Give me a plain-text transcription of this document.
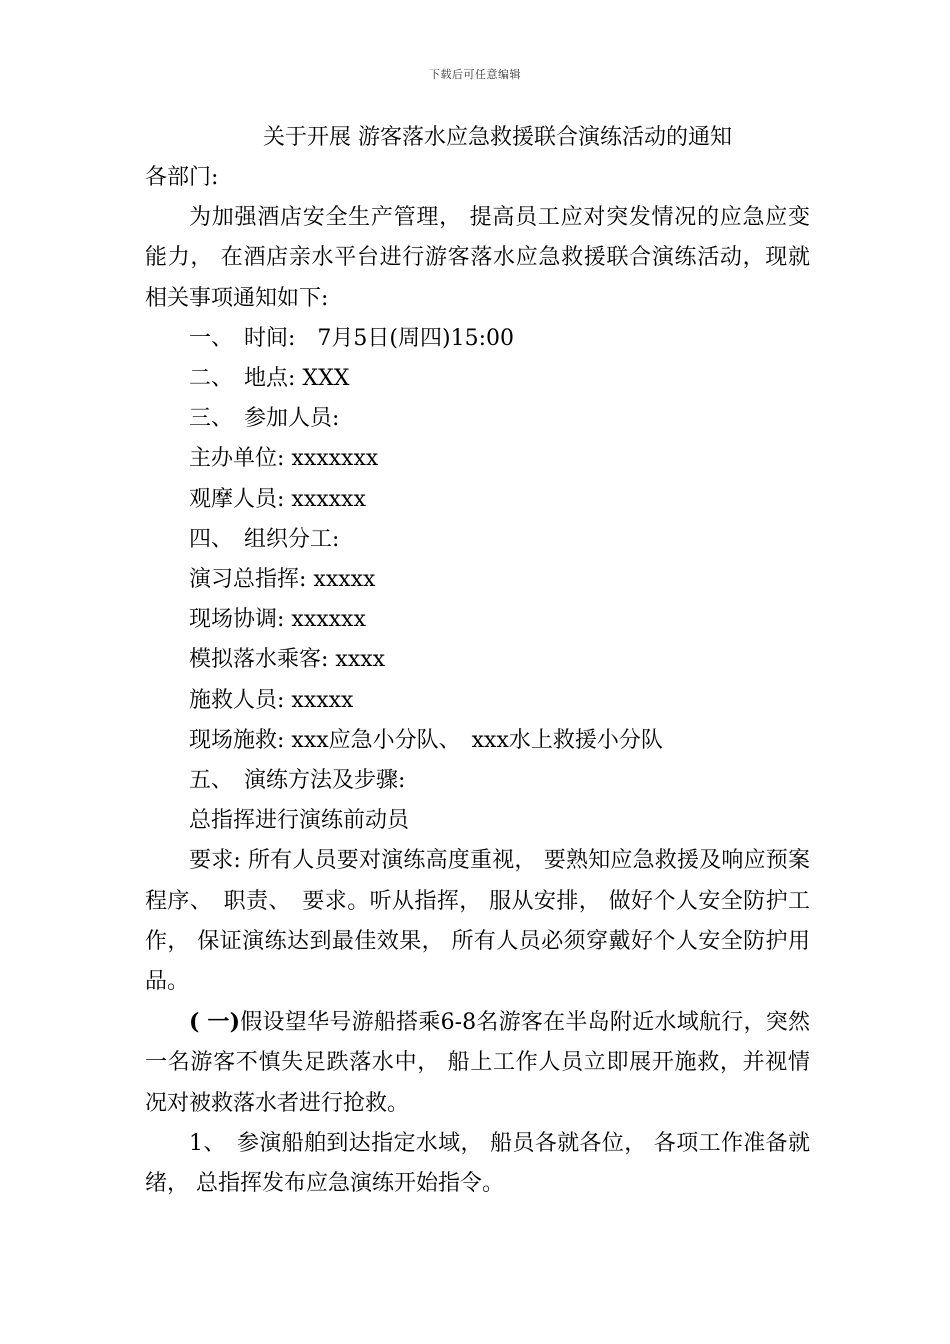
下载后可任意编辑
关于开展 游客落水应急救援联合演练活动的通知

各部门:

为加强酒店安全生产管理， 提高员工应对突发情况的应急应变能力， 在酒店亲水平台进行游客落水应急救援联合演练活动，现就相关事项通知如下:

一、　时间:　7月5日(周四)15:00

二、　地点: XXX

三、　参加人员:

主办单位: xxxxxxx

观摩人员: xxxxxx

四、　组织分工:

演习总指挥: xxxxx

现场协调: xxxxxx

模拟落水乘客: xxxx

施救人员: xxxxx

现场施救: xxx应急小分队、　xxx水上救援小分队

五、　演练方法及步骤:

总指挥进行演练前动员

要求: 所有人员要对演练高度重视， 要熟知应急救援及响应预案程序、　职责、　要求。听从指挥， 服从安排， 做好个人安全防护工作， 保证演练达到最佳效果， 所有人员必须穿戴好个人安全防护用品。

( 一)假设望华号游船搭乘6-8名游客在半岛附近水域航行，突然一名游客不慎失足跌落水中， 船上工作人员立即展开施救，并视情况对被救落水者进行抢救。

1、　参演船舶到达指定水域， 船员各就各位， 各项工作准备就绪， 总指挥发布应急演练开始指令。
